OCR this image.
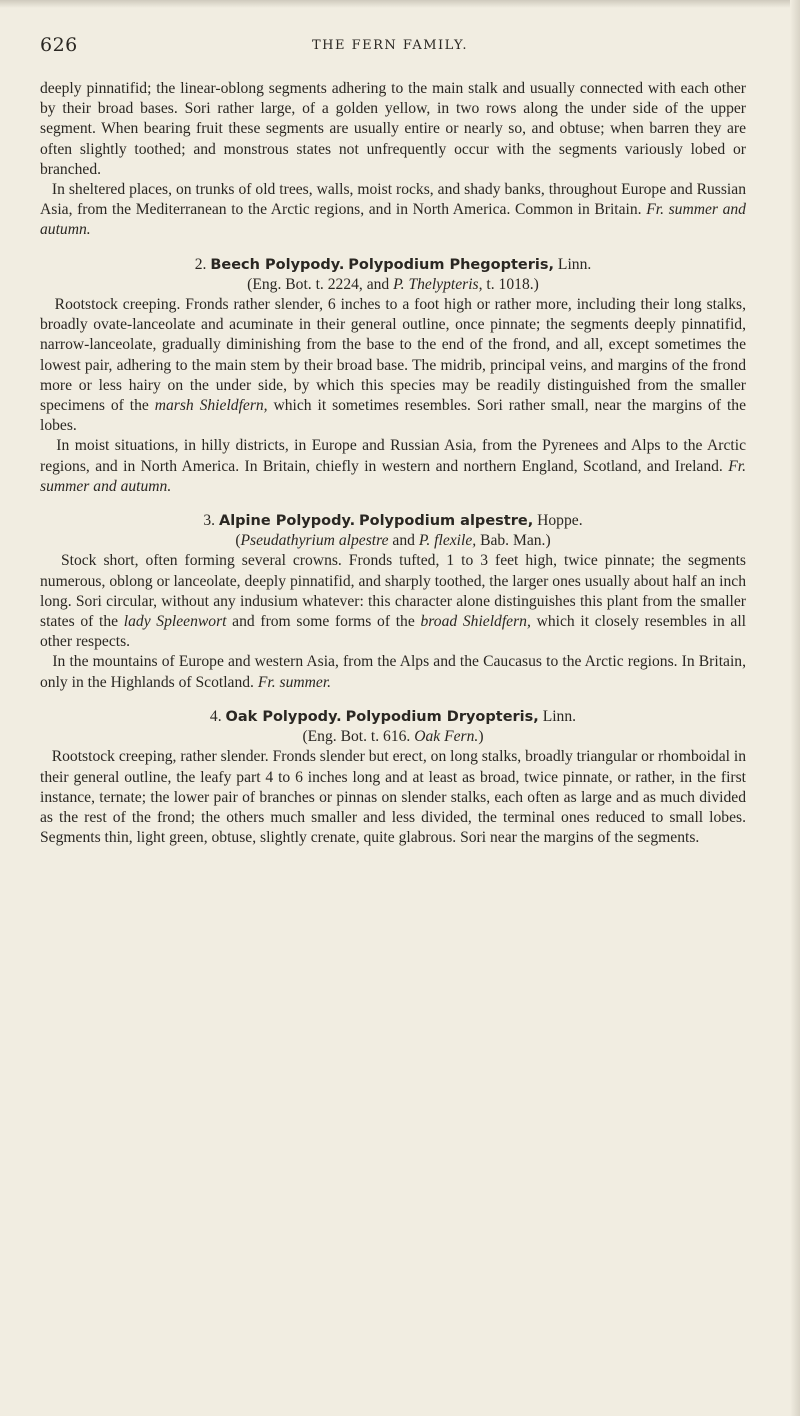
626	THE FERN FAMILY.

deeply pinnatifid; the linear-oblong segments adhering to the main stalk and usually connected with each other by their broad bases. Sori rather large, of a golden yellow, in two rows along the under side of the upper segment. When bearing fruit these segments are usually entire or nearly so, and obtuse; when barren they are often slightly toothed; and monstrous states not unfrequently occur with the segments variously lobed or branched.

In sheltered places, on trunks of old trees, walls, moist rocks, and shady banks, throughout Europe and Russian Asia, from the Mediterranean to the Arctic regions, and in North America. Common in Britain. Fr. summer and autumn.

2. Beech Polypody. Polypodium Phegopteris, Linn.
(Eng. Bot. t. 2224, and P. Thelypteris, t. 1018.)

Rootstock creeping. Fronds rather slender, 6 inches to a foot high or rather more, including their long stalks, broadly ovate-lanceolate and acuminate in their general outline, once pinnate; the segments deeply pinnatifid, narrow-lanceolate, gradually diminishing from the base to the end of the frond, and all, except sometimes the lowest pair, adhering to the main stem by their broad base. The midrib, principal veins, and margins of the frond more or less hairy on the under side, by which this species may be readily distinguished from the smaller specimens of the marsh Shieldfern, which it sometimes resembles. Sori rather small, near the margins of the lobes.

In moist situations, in hilly districts, in Europe and Russian Asia, from the Pyrenees and Alps to the Arctic regions, and in North America. In Britain, chiefly in western and northern England, Scotland, and Ireland. Fr. summer and autumn.

3. Alpine Polypody. Polypodium alpestre, Hoppe.
(Pseudathyrium alpestre and P. flexile, Bab. Man.)

Stock short, often forming several crowns. Fronds tufted, 1 to 3 feet high, twice pinnate; the segments numerous, oblong or lanceolate, deeply pinnatifid, and sharply toothed, the larger ones usually about half an inch long. Sori circular, without any indusium whatever: this character alone distinguishes this plant from the smaller states of the lady Spleenwort and from some forms of the broad Shieldfern, which it closely resembles in all other respects.

In the mountains of Europe and western Asia, from the Alps and the Caucasus to the Arctic regions. In Britain, only in the Highlands of Scotland. Fr. summer.

4. Oak Polypody. Polypodium Dryopteris, Linn.
(Eng. Bot. t. 616. Oak Fern.)

Rootstock creeping, rather slender. Fronds slender but erect, on long stalks, broadly triangular or rhomboidal in their general outline, the leafy part 4 to 6 inches long and at least as broad, twice pinnate, or rather, in the first instance, ternate; the lower pair of branches or pinnas on slender stalks, each often as large and as much divided as the rest of the frond; the others much smaller and less divided, the terminal ones reduced to small lobes. Segments thin, light green, obtuse, slightly crenate, quite glabrous. Sori near the margins of the segments.
